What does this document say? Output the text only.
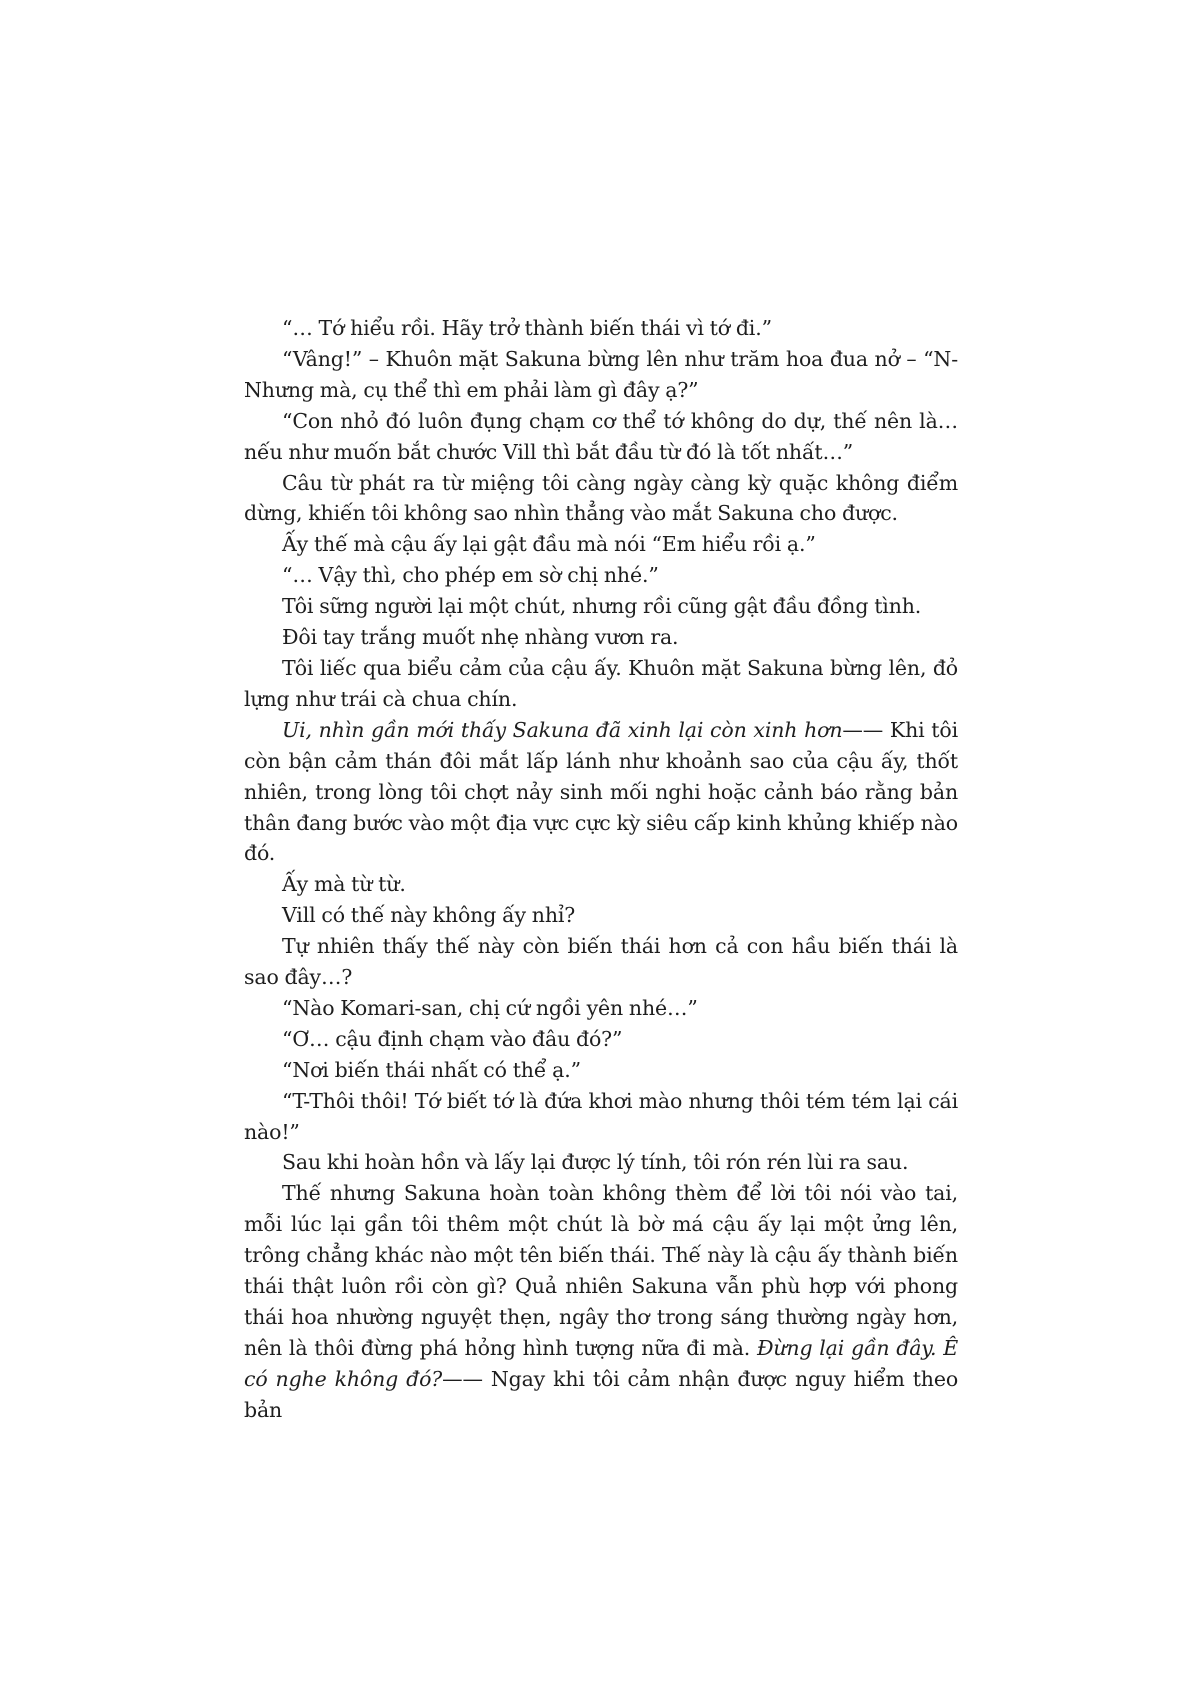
“… Tớ hiểu rồi. Hãy trở thành biến thái vì tớ đi.”

“Vâng!” – Khuôn mặt Sakuna bừng lên như trăm hoa đua nở – “N-Nhưng mà, cụ thể thì em phải làm gì đây ạ?”

“Con nhỏ đó luôn đụng chạm cơ thể tớ không do dự, thế nên là… nếu như muốn bắt chước Vill thì bắt đầu từ đó là tốt nhất…”

Câu từ phát ra từ miệng tôi càng ngày càng kỳ quặc không điểm dừng, khiến tôi không sao nhìn thẳng vào mắt Sakuna cho được.

Ấy thế mà cậu ấy lại gật đầu mà nói “Em hiểu rồi ạ.”

“… Vậy thì, cho phép em sờ chị nhé.”

Tôi sững người lại một chút, nhưng rồi cũng gật đầu đồng tình.

Đôi tay trắng muốt nhẹ nhàng vươn ra.

Tôi liếc qua biểu cảm của cậu ấy. Khuôn mặt Sakuna bừng lên, đỏ lựng như trái cà chua chín.

Ui, nhìn gần mới thấy Sakuna đã xinh lại còn xinh hơn—— Khi tôi còn bận cảm thán đôi mắt lấp lánh như khoảnh sao của cậu ấy, thốt nhiên, trong lòng tôi chợt nảy sinh mối nghi hoặc cảnh báo rằng bản thân đang bước vào một địa vực cực kỳ siêu cấp kinh khủng khiếp nào đó.

Ấy mà từ từ.

Vill có thế này không ấy nhỉ?

Tự nhiên thấy thế này còn biến thái hơn cả con hầu biến thái là sao đây…?

“Nào Komari-san, chị cứ ngồi yên nhé…”

“Ơ… cậu định chạm vào đâu đó?”

“Nơi biến thái nhất có thể ạ.”

“T-Thôi thôi! Tớ biết tớ là đứa khơi mào nhưng thôi tém tém lại cái nào!”

Sau khi hoàn hồn và lấy lại được lý tính, tôi rón rén lùi ra sau.

Thế nhưng Sakuna hoàn toàn không thèm để lời tôi nói vào tai, mỗi lúc lại gần tôi thêm một chút là bờ má cậu ấy lại một ửng lên, trông chẳng khác nào một tên biến thái. Thế này là cậu ấy thành biến thái thật luôn rồi còn gì? Quả nhiên Sakuna vẫn phù hợp với phong thái hoa nhường nguyệt thẹn, ngây thơ trong sáng thường ngày hơn, nên là thôi đừng phá hỏng hình tượng nữa đi mà. Đừng lại gần đây. Ê có nghe không đó?—— Ngay khi tôi cảm nhận được nguy hiểm theo bản
